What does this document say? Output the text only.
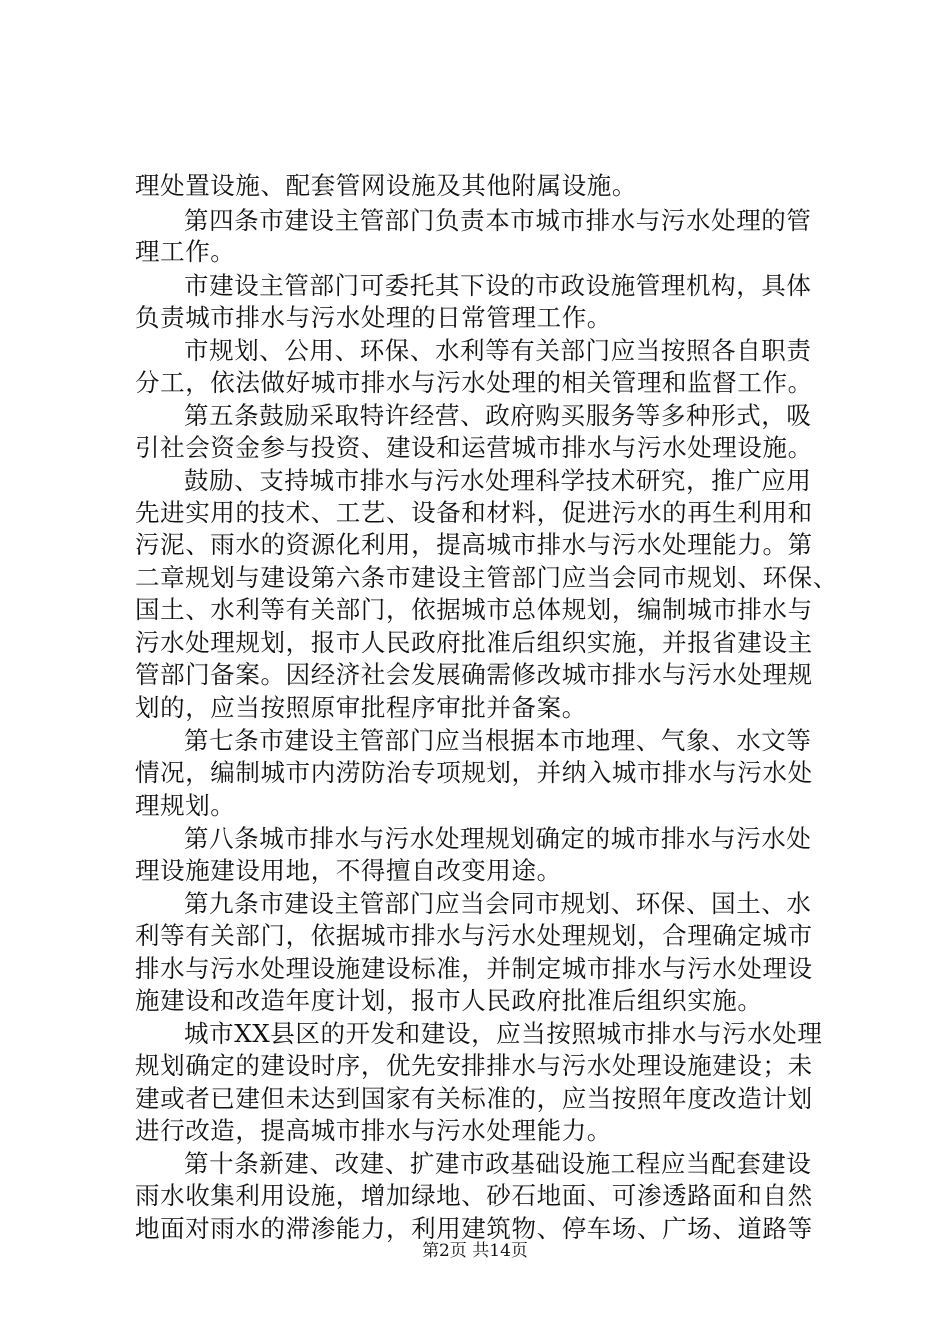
理处置设施、配套管网设施及其他附属设施。
第四条市建设主管部门负责本市城市排水与污水处理的管
理工作。
市建设主管部门可委托其下设的市政设施管理机构，具体
负责城市排水与污水处理的日常管理工作。
市规划、公用、环保、水利等有关部门应当按照各自职责
分工，依法做好城市排水与污水处理的相关管理和监督工作。
第五条鼓励采取特许经营、政府购买服务等多种形式，吸
引社会资金参与投资、建设和运营城市排水与污水处理设施。
鼓励、支持城市排水与污水处理科学技术研究，推广应用
先进实用的技术、工艺、设备和材料，促进污水的再生利用和
污泥、雨水的资源化利用，提高城市排水与污水处理能力。第
二章规划与建设第六条市建设主管部门应当会同市规划、环保、
国土、水利等有关部门，依据城市总体规划，编制城市排水与
污水处理规划，报市人民政府批准后组织实施，并报省建设主
管部门备案。因经济社会发展确需修改城市排水与污水处理规
划的，应当按照原审批程序审批并备案。
第七条市建设主管部门应当根据本市地理、气象、水文等
情况，编制城市内涝防治专项规划，并纳入城市排水与污水处
理规划。
第八条城市排水与污水处理规划确定的城市排水与污水处
理设施建设用地，不得擅自改变用途。
第九条市建设主管部门应当会同市规划、环保、国土、水
利等有关部门，依据城市排水与污水处理规划，合理确定城市
排水与污水处理设施建设标准，并制定城市排水与污水处理设
施建设和改造年度计划，报市人民政府批准后组织实施。
城市XX县区的开发和建设，应当按照城市排水与污水处理
规划确定的建设时序，优先安排排水与污水处理设施建设；未
建或者已建但未达到国家有关标准的，应当按照年度改造计划
进行改造，提高城市排水与污水处理能力。
第十条新建、改建、扩建市政基础设施工程应当配套建设
雨水收集利用设施，增加绿地、砂石地面、可渗透路面和自然
地面对雨水的滞渗能力，利用建筑物、停车场、广场、道路等
第2页 共14页
